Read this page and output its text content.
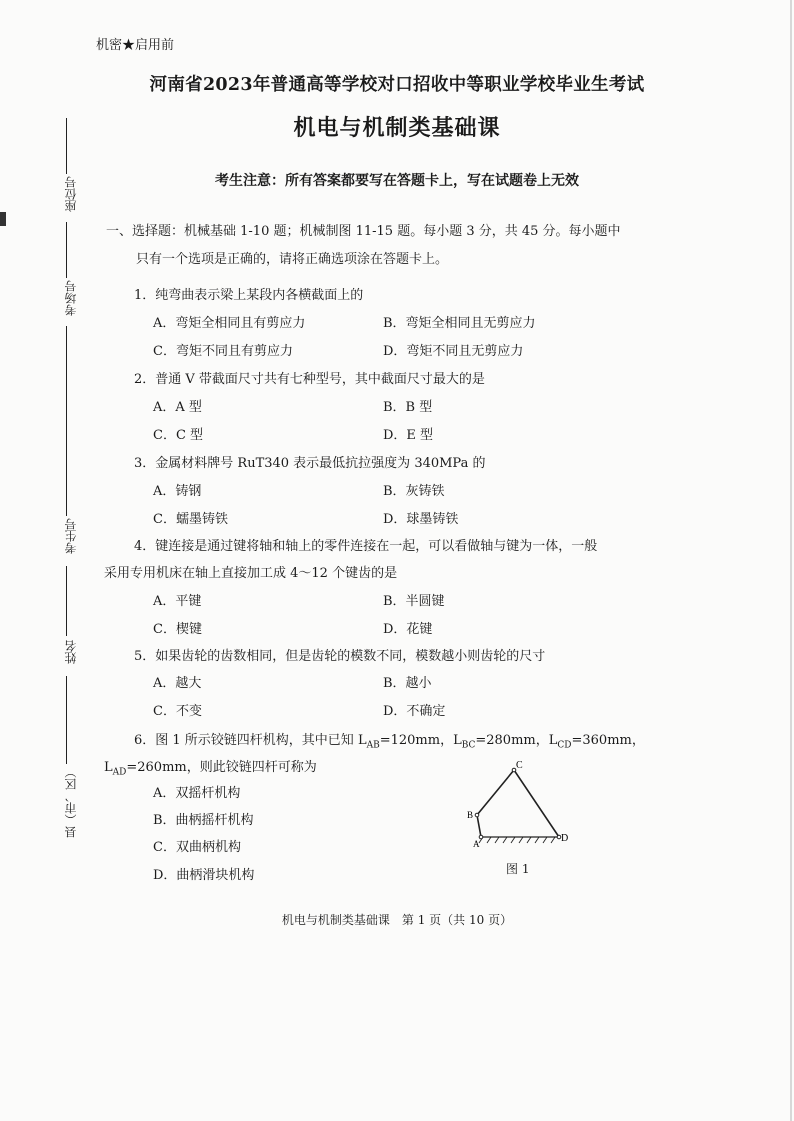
座位号
考场号
考生号
姓名
县（市、区）
机密★启用前
河南省2023年普通高等学校对口招收中等职业学校毕业生考试
机电与机制类基础课
考生注意：所有答案都要写在答题卡上，写在试题卷上无效
一、选择题：机械基础 1-10 题；机械制图 11-15 题。每小题 3 分，共 45 分。每小题中
只有一个选项是正确的，请将正确选项涂在答题卡上。
1．纯弯曲表示梁上某段内各横截面上的
A．弯矩全相同且有剪应力	B．弯矩全相同且无剪应力
C．弯矩不同且有剪应力	D．弯矩不同且无剪应力
2．普通 V 带截面尺寸共有七种型号，其中截面尺寸最大的是
A．A 型	B．B 型
C．C 型	D．E 型
3．金属材料牌号 RuT340 表示最低抗拉强度为 340MPa 的
A．铸钢	B．灰铸铁
C．蠕墨铸铁	D．球墨铸铁
4．键连接是通过键将轴和轴上的零件连接在一起，可以看做轴与键为一体，一般
采用专用机床在轴上直接加工成 4～12 个键齿的是
A．平键	B．半圆键
C．楔键	D．花键
5．如果齿轮的齿数相同，但是齿轮的模数不同，模数越小则齿轮的尺寸
A．越大	B．越小
C．不变	D．不确定
6．图 1 所示铰链四杆机构，其中已知 $L_{AB}=120mm$，$L_{BC}=280mm$，$L_{CD}=360mm$，
$L_{AD}=260mm$，则此铰链四杆可称为
A．双摇杆机构
B．曲柄摇杆机构
C．双曲柄机构
D．曲柄滑块机构
A
B
C
D
图 1
机电与机制类基础课　第 1 页（共 10 页）
